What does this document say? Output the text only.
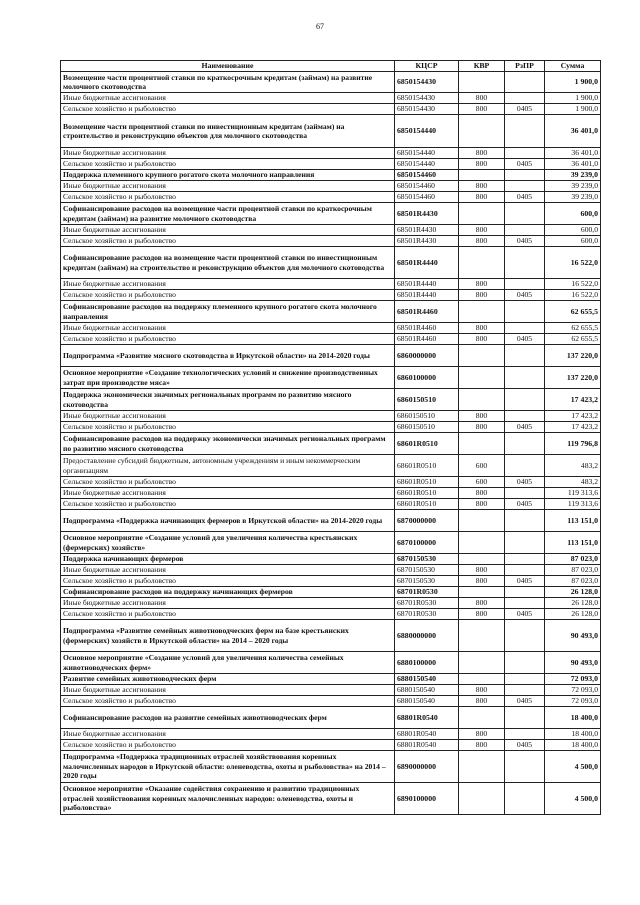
67
Наименование	КЦСР	КВР	РзПР	Сумма
Возмещение части процентной ставки по краткосрочным кредитам (займам) на развитие молочного скотоводства	6850154430			1 900,0
Иные бюджетные ассигнования	6850154430	800		1 900,0
Сельское хозяйство и рыболовство	6850154430	800	0405	1 900,0
Возмещение части процентной ставки по инвестиционным кредитам (займам) на строительство и реконструкцию объектов для молочного скотоводства	6850154440			36 401,0
Иные бюджетные ассигнования	6850154440	800		36 401,0
Сельское хозяйство и рыболовство	6850154440	800	0405	36 401,0
Поддержка племенного крупного рогатого скота молочного направления	6850154460			39 239,0
Иные бюджетные ассигнования	6850154460	800		39 239,0
Сельское хозяйство и рыболовство	6850154460	800	0405	39 239,0
Софинансирование расходов на возмещение части процентной ставки по краткосрочным кредитам (займам) на развитие молочного скотоводства	68501R4430			600,0
Иные бюджетные ассигнования	68501R4430	800		600,0
Сельское хозяйство и рыболовство	68501R4430	800	0405	600,0
Софинансирование расходов на возмещение части процентной ставки по инвестиционным кредитам (займам) на строительство и реконструкцию объектов для молочного скотоводства	68501R4440			16 522,0
Иные бюджетные ассигнования	68501R4440	800		16 522,0
Сельское хозяйство и рыболовство	68501R4440	800	0405	16 522,0
Софинансирование расходов на поддержку племенного крупного рогатого скота молочного направления	68501R4460			62 655,5
Иные бюджетные ассигнования	68501R4460	800		62 655,5
Сельское хозяйство и рыболовство	68501R4460	800	0405	62 655,5
Подпрограмма «Развитие мясного скотоводства в Иркутской области» на 2014-2020 годы	6860000000			137 220,0
Основное мероприятие «Создание технологических условий и снижение производственных затрат при производстве мяса»	6860100000			137 220,0
Поддержка экономически значимых региональных программ по развитию мясного скотоводства	6860150510			17 423,2
Иные бюджетные ассигнования	6860150510	800		17 423,2
Сельское хозяйство и рыболовство	6860150510	800	0405	17 423,2
Софинансирование расходов на поддержку экономически значимых региональных программ по развитию мясного скотоводства	68601R0510			119 796,8
Предоставление субсидий бюджетным, автономным учреждениям и иным некоммерческим организациям	68601R0510	600		483,2
Сельское хозяйство и рыболовство	68601R0510	600	0405	483,2
Иные бюджетные ассигнования	68601R0510	800		119 313,6
Сельское хозяйство и рыболовство	68601R0510	800	0405	119 313,6
Подпрограмма «Поддержка начинающих фермеров в Иркутской области» на 2014-2020 годы	6870000000			113 151,0
Основное мероприятие «Создание условий для увеличения количества крестьянских (фермерских) хозяйств»	6870100000			113 151,0
Поддержка начинающих фермеров	6870150530			87 023,0
Иные бюджетные ассигнования	6870150530	800		87 023,0
Сельское хозяйство и рыболовство	6870150530	800	0405	87 023,0
Софинансирование расходов на поддержку начинающих фермеров	68701R0530			26 128,0
Иные бюджетные ассигнования	68701R0530	800		26 128,0
Сельское хозяйство и рыболовство	68701R0530	800	0405	26 128,0
Подпрограмма «Развитие семейных животноводческих ферм на базе крестьянских (фермерских) хозяйств в Иркутской области» на 2014 – 2020 годы	6880000000			90 493,0
Основное мероприятие «Создание условий для увеличения количества семейных животноводческих ферм»	6880100000			90 493,0
Развитие семейных животноводческих ферм	6880150540			72 093,0
Иные бюджетные ассигнования	6880150540	800		72 093,0
Сельское хозяйство и рыболовство	6880150540	800	0405	72 093,0
Софинансирование расходов на развитие семейных животноводческих ферм	68801R0540			18 400,0
Иные бюджетные ассигнования	68801R0540	800		18 400,0
Сельское хозяйство и рыболовство	68801R0540	800	0405	18 400,0
Подпрограмма «Поддержка традиционных отраслей хозяйствования коренных малочисленных народов в Иркутской области: оленеводства, охоты и рыболовства» на 2014 – 2020 годы	6890000000			4 500,0
Основное мероприятие «Оказание содействия сохранению и развитию традиционных отраслей хозяйствования коренных малочисленных народов: оленеводства, охоты и рыболовства»	6890100000			4 500,0
